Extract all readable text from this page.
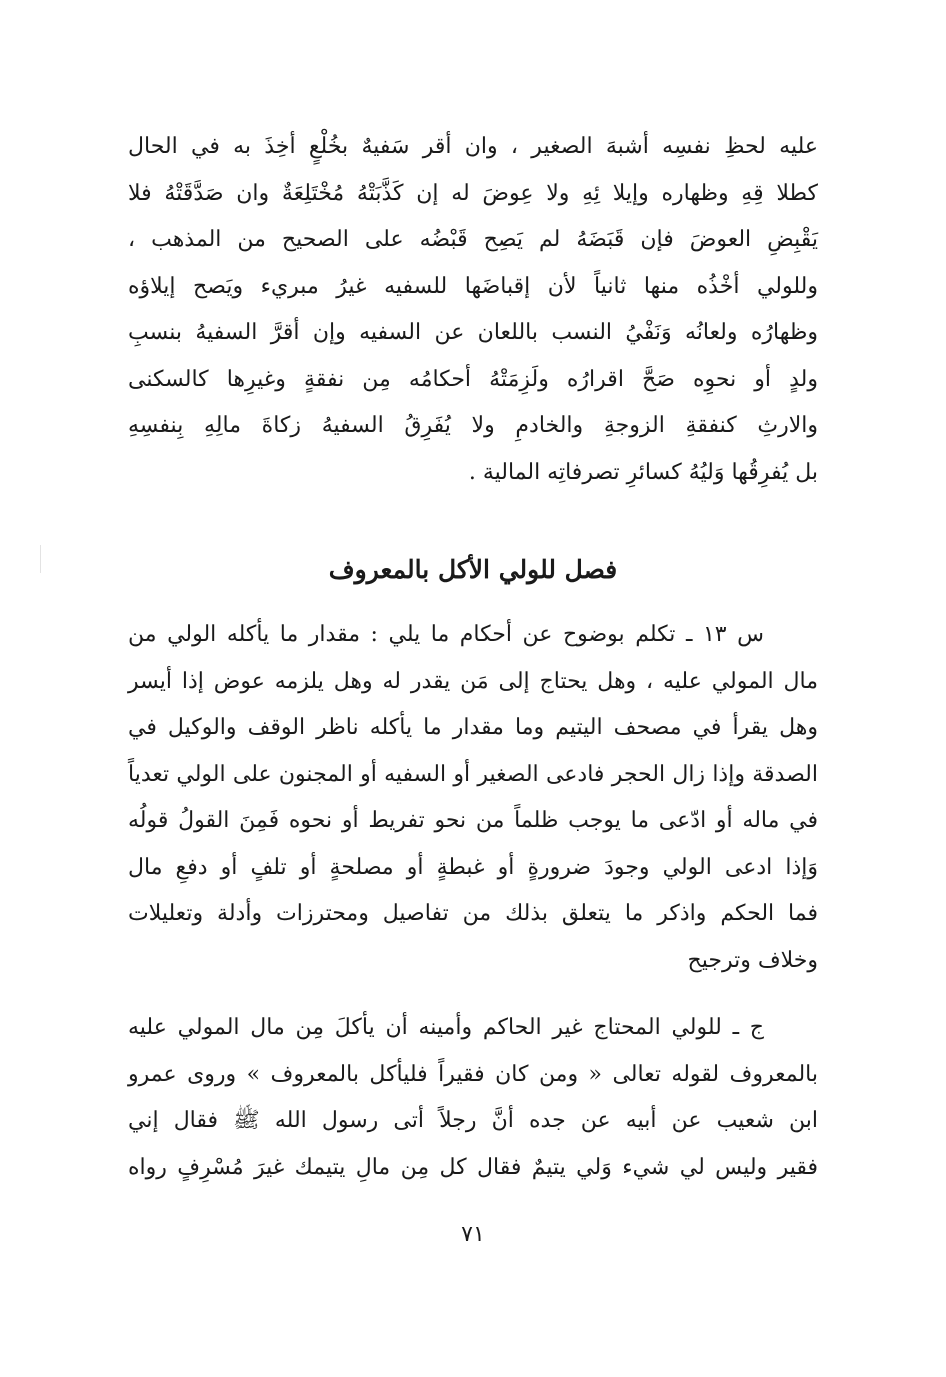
عليه لحظِ نفسِه أشبهَ الصغير ، وان أقر سَفيهٌ بخُلْعٍ أخِذَ به في الحال
كطلا قِهِ وظهاره وإيلا ئِهِ ولا عِوضَ له إن كَذَّبَتْهُ مُخْتَلِعَةٌ وان صَدَّقَتْهُ فلا
يَقْبِضِ العوضَ فإن قَبَضَهُ لم يَصِح قَبْضُه على الصحيح من المذهب ،
وللولي أخْذُه منها ثانياً لأن إقباضَها للسفيه غيرُ مبريء ويَصح إيلاؤه
وظهارُه ولعانُه وَنَفْيُ النسب باللعان عن السفيه وإن أقرَّ السفيهُ بنسبِ
ولدٍ أو نحوِه صَحَّ اقرارُه ولَزِمَتْهُ أحكامُه مِن نفقةٍ وغيرِها كالسكنى
والارثِ كنفقةِ الزوجةِ والخادمِ ولا يُفَرِقُ السفيهُ زكاةَ مالِهِ بِنفسِهِ
بل يُفرِقُها وَليُهُ كسائرِ تصرفاتِه المالية .
فصل للولي الأكل بالمعروف
س ١٣ ـ تكلم بوضوح عن أحكام ما يلي : مقدار ما يأكله الولي من
مال المولي عليه ، وهل يحتاج إلى مَن يقدر له وهل يلزمه عوض إذا أيسر
وهل يقرأ في مصحف اليتيم وما مقدار ما يأكله ناظر الوقف والوكيل في
الصدقة وإذا زال الحجر فادعى الصغير أو السفيه أو المجنون على الولي تعدياً
في ماله أو ادّعى ما يوجب ظلماً من نحو تفريط أو نحوه فَمِنَ القولُ قولُه
وَإذا ادعى الولي وجودَ ضرورةٍ أو غبطةٍ أو مصلحةٍ أو تلفٍ أو دفعِ مال
فما الحكم واذكر ما يتعلق بذلك من تفاصيل ومحترزات وأدلة وتعليلات
وخلاف وترجيح
ج ـ للولي المحتاج غير الحاكم وأمينه أن يأكلَ مِن مال المولي عليه
بالمعروف لقوله تعالى « ومن كان فقيراً فليأكل بالمعروف » وروى عمرو
ابن شعيب عن أبيه عن جده أنَّ رجلاً أتى رسول الله ﷺ فقال إني
فقير وليس لي شيء وَلي يتيمٌ فقال كل مِن مالِ يتيمك غيرَ مُسْرِفٍ رواه
٧١
